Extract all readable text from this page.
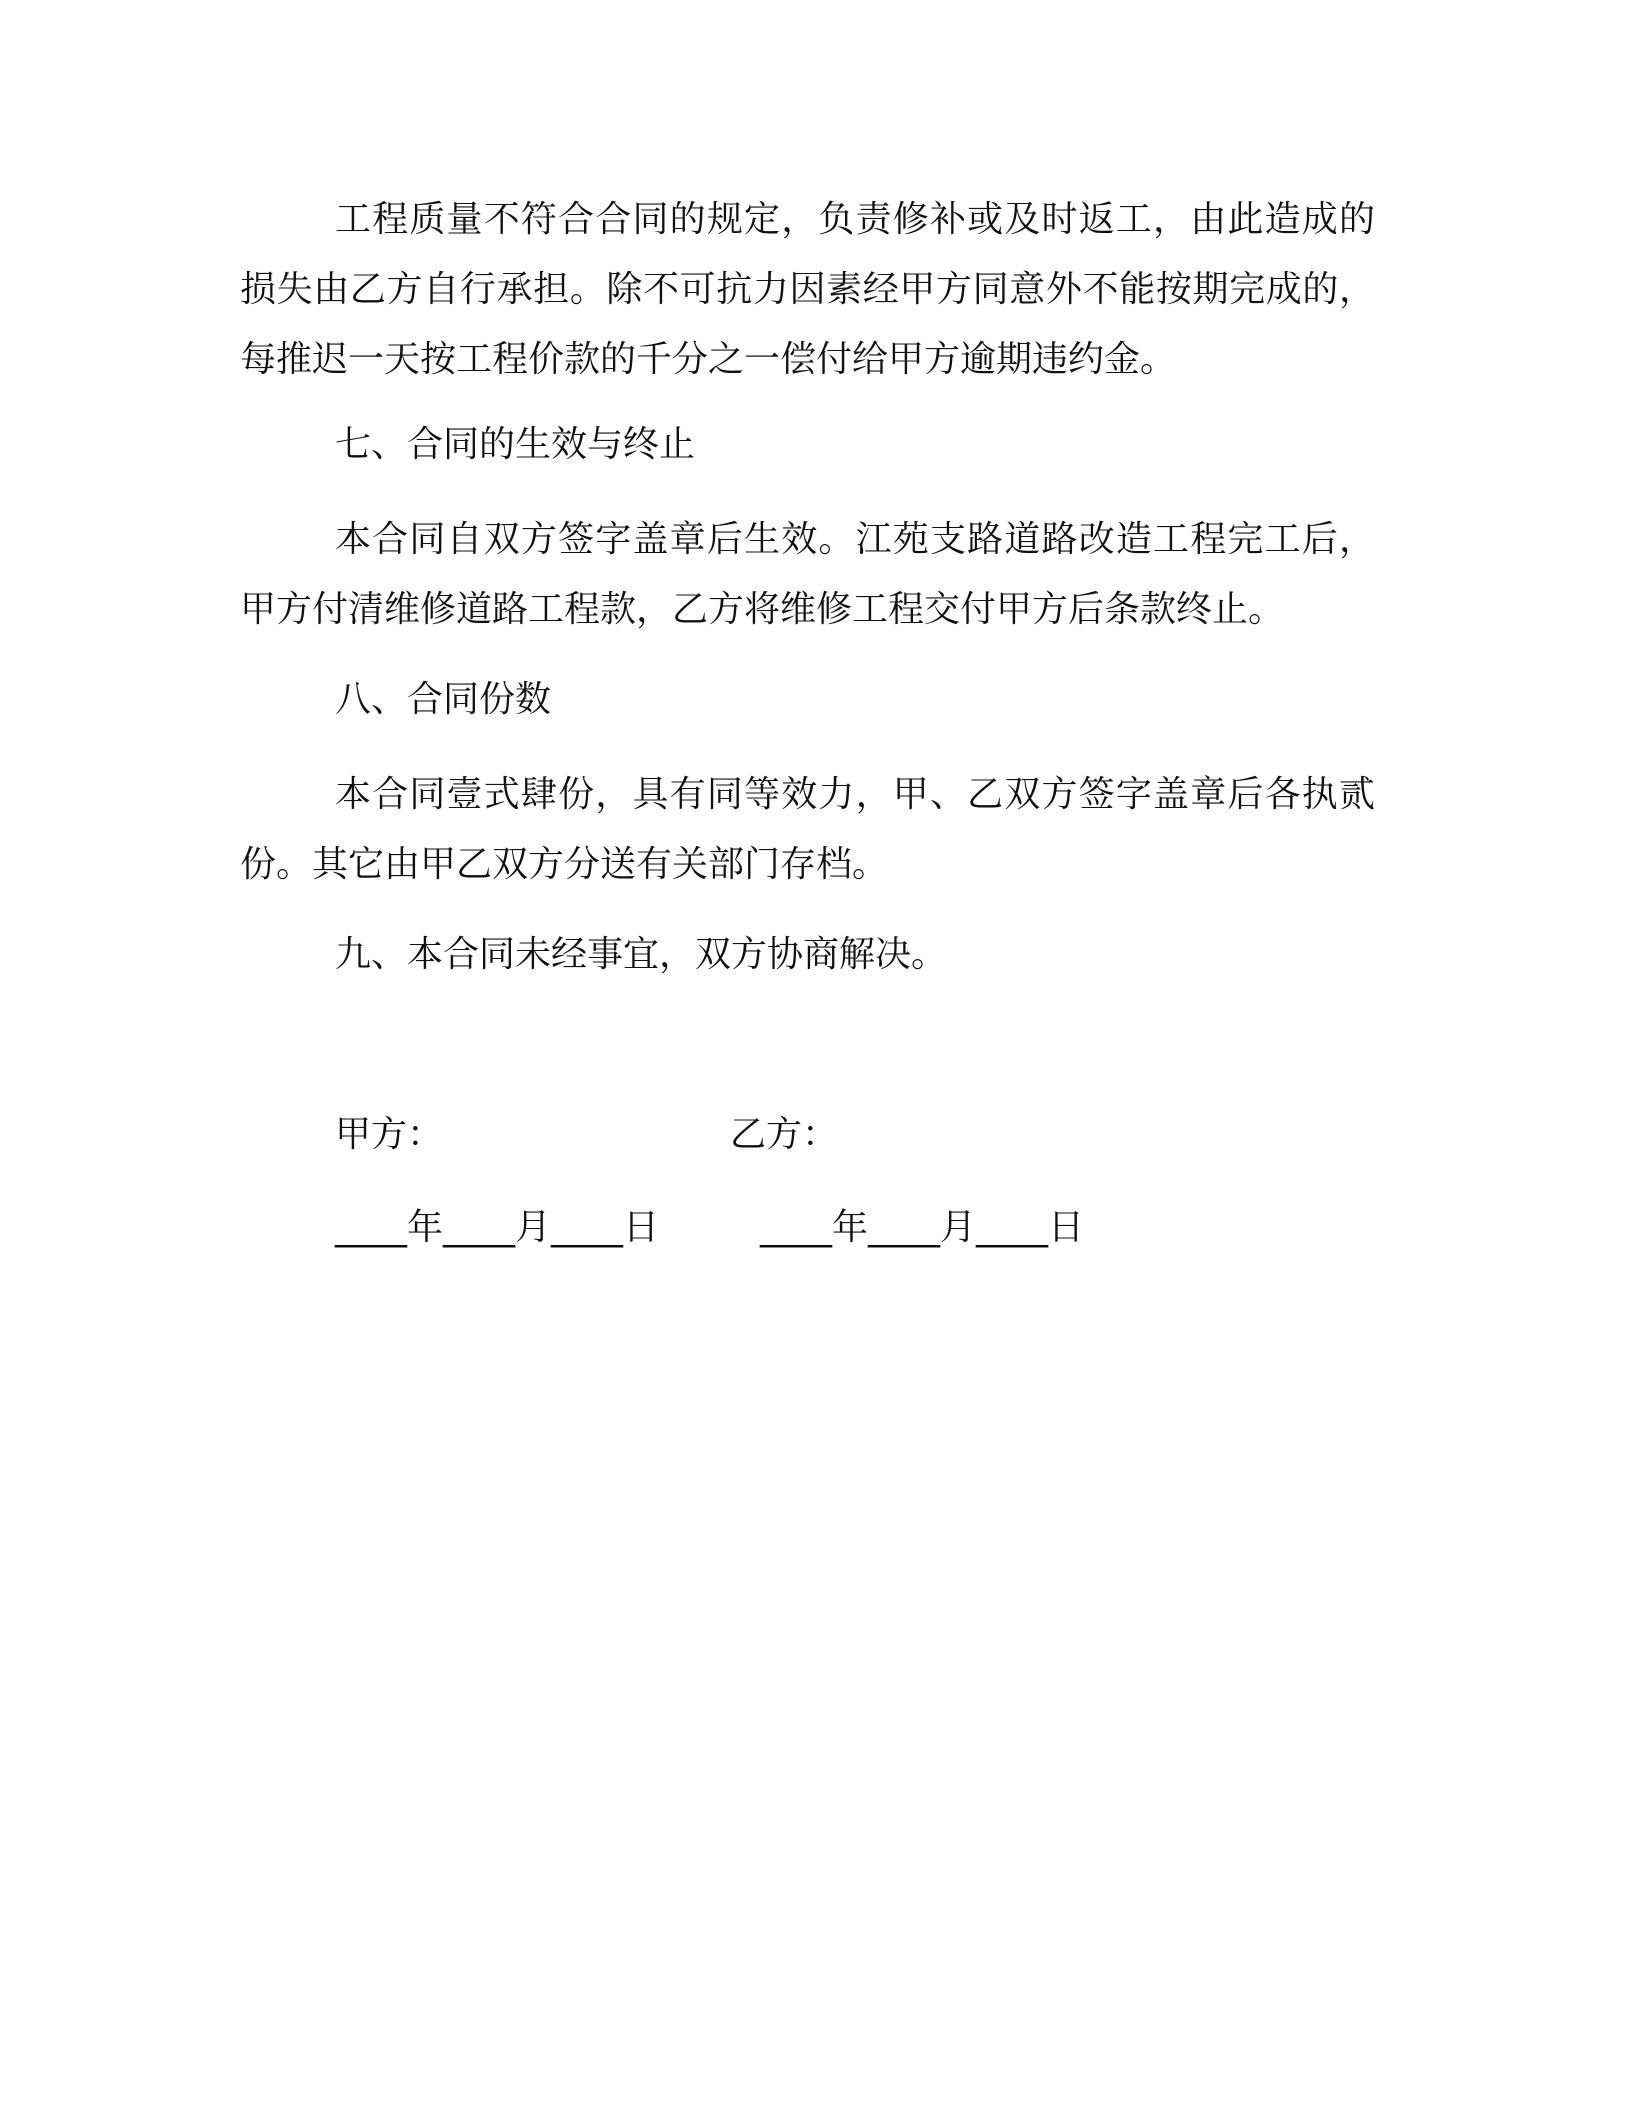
工程质量不符合合同的规定，负责修补或及时返工，由此造成的损失由乙方自行承担。除不可抗力因素经甲方同意外不能按期完成的，每推迟一天按工程价款的千分之一偿付给甲方逾期违约金。
七、合同的生效与终止
本合同自双方签字盖章后生效。江苑支路道路改造工程完工后，甲方付清维修道路工程款，乙方将维修工程交付甲方后条款终止。
八、合同份数
本合同壹式肆份，具有同等效力，甲、乙双方签字盖章后各执贰份。其它由甲乙双方分送有关部门存档。
九、本合同未经事宜，双方协商解决。
甲方：	乙方：
____年____月____日	____年____月____日
